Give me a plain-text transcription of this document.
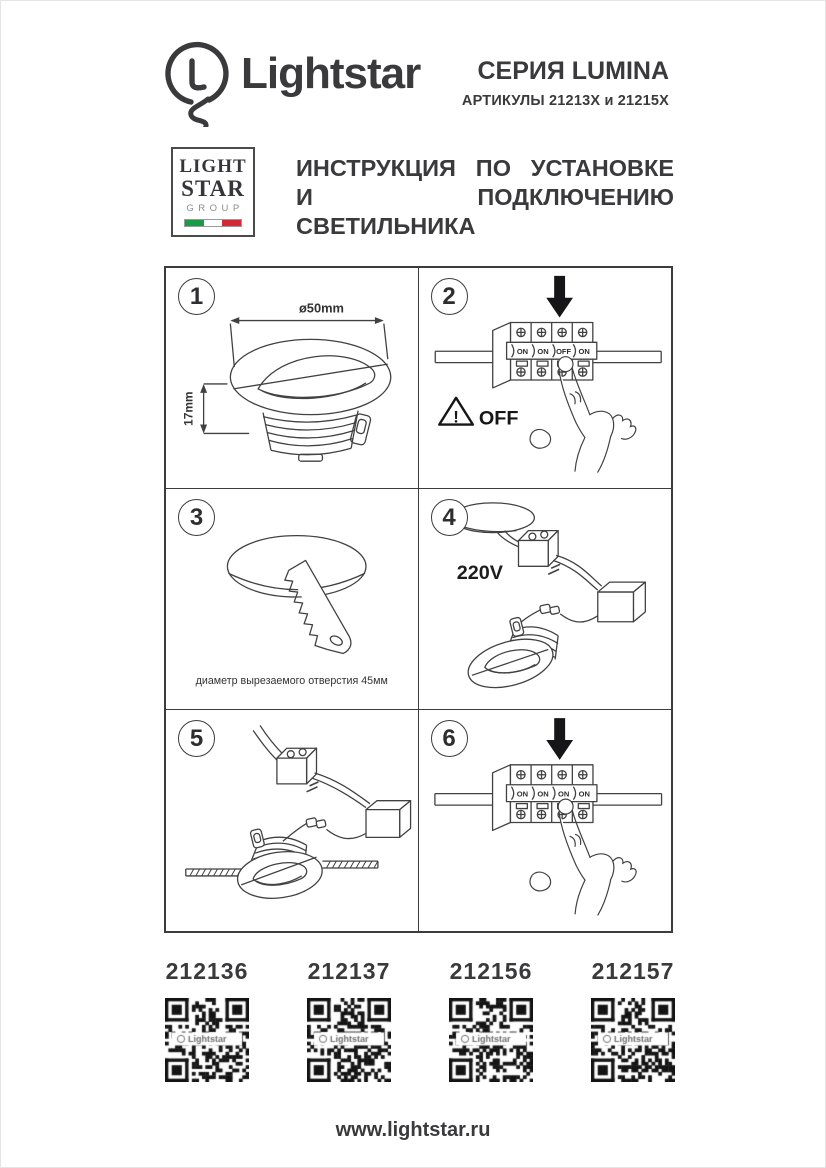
Lightstar	СЕРИЯ LUMINA
АРТИКУЛЫ 21213X и 21215X
LIGHT
STAR
GROUP
ИНСТРУКЦИЯ ПО УСТАНОВКЕ
И ПОДКЛЮЧЕНИЮ СВЕТИЛЬНИКА
1	ø50mm
17mm
2
ON ON OFF ON
! OFF
3
диаметр вырезаемого отверстия 45мм
4
220V
5	6
ON ON ON ON
212136	212137	212156	212157
www.lightstar.ru
